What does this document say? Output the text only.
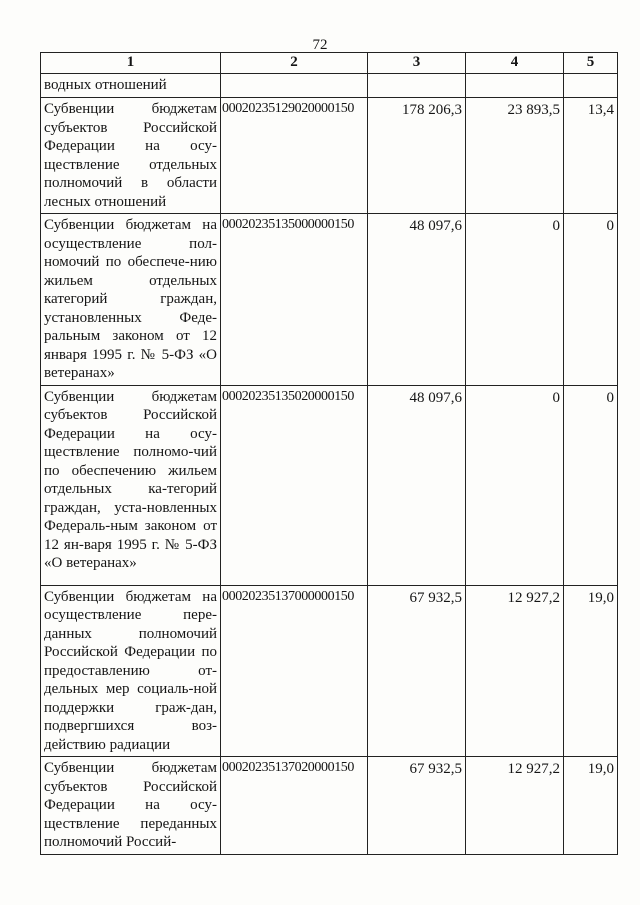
72
1	2	3	4	5
водных отношений				
Субвенции бюджетам субъектов Российской Федерации на осу-ществление отдельных полномочий в области лесных отношений	00020235129020000150	178 206,3	23 893,5	13,4
Субвенции бюджетам на осуществление пол-номочий по обеспече-нию жильем отдельных категорий граждан, установленных Феде-ральным законом от 12 января 1995 г. № 5-ФЗ «О ветеранах»	00020235135000000150	48 097,6	0	0
Субвенции бюджетам субъектов Российской Федерации на осу-ществление полномо-чий по обеспечению жильем отдельных ка-тегорий граждан, уста-новленных Федераль-ным законом от 12 ян-варя 1995 г. № 5-ФЗ «О ветеранах»	00020235135020000150	48 097,6	0	0
Субвенции бюджетам на осуществление пере-данных полномочий Российской Федерации по предоставлению от-дельных мер социаль-ной поддержки граж-дан, подвергшихся воз-действию радиации	00020235137000000150	67 932,5	12 927,2	19,0
Субвенции бюджетам субъектов Российской Федерации на осу-ществление переданных полномочий Россий-	00020235137020000150	67 932,5	12 927,2	19,0
